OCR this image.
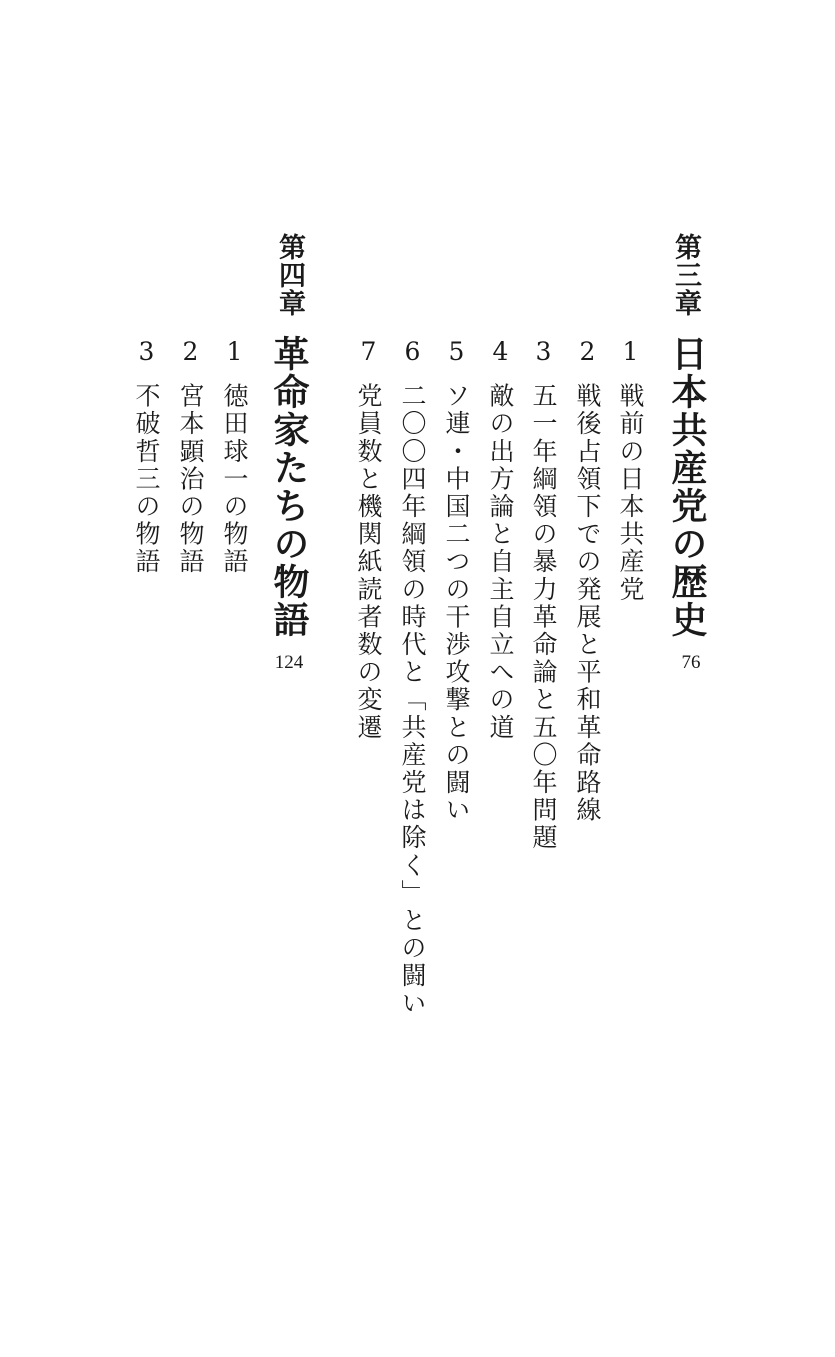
第三章
日本共産党の歴史
76
1戦前の日本共産党
2戦後占領下での発展と平和革命路線
3五一年綱領の暴力革命論と五〇年問題
4敵の出方論と自主自立への道
5ソ連・中国二つの干渉攻撃との闘い
6二〇〇四年綱領の時代と「共産党は除く」との闘い
7党員数と機関紙読者数の変遷
第四章
革命家たちの物語
124
1徳田球一の物語
2宮本顕治の物語
3不破哲三の物語
